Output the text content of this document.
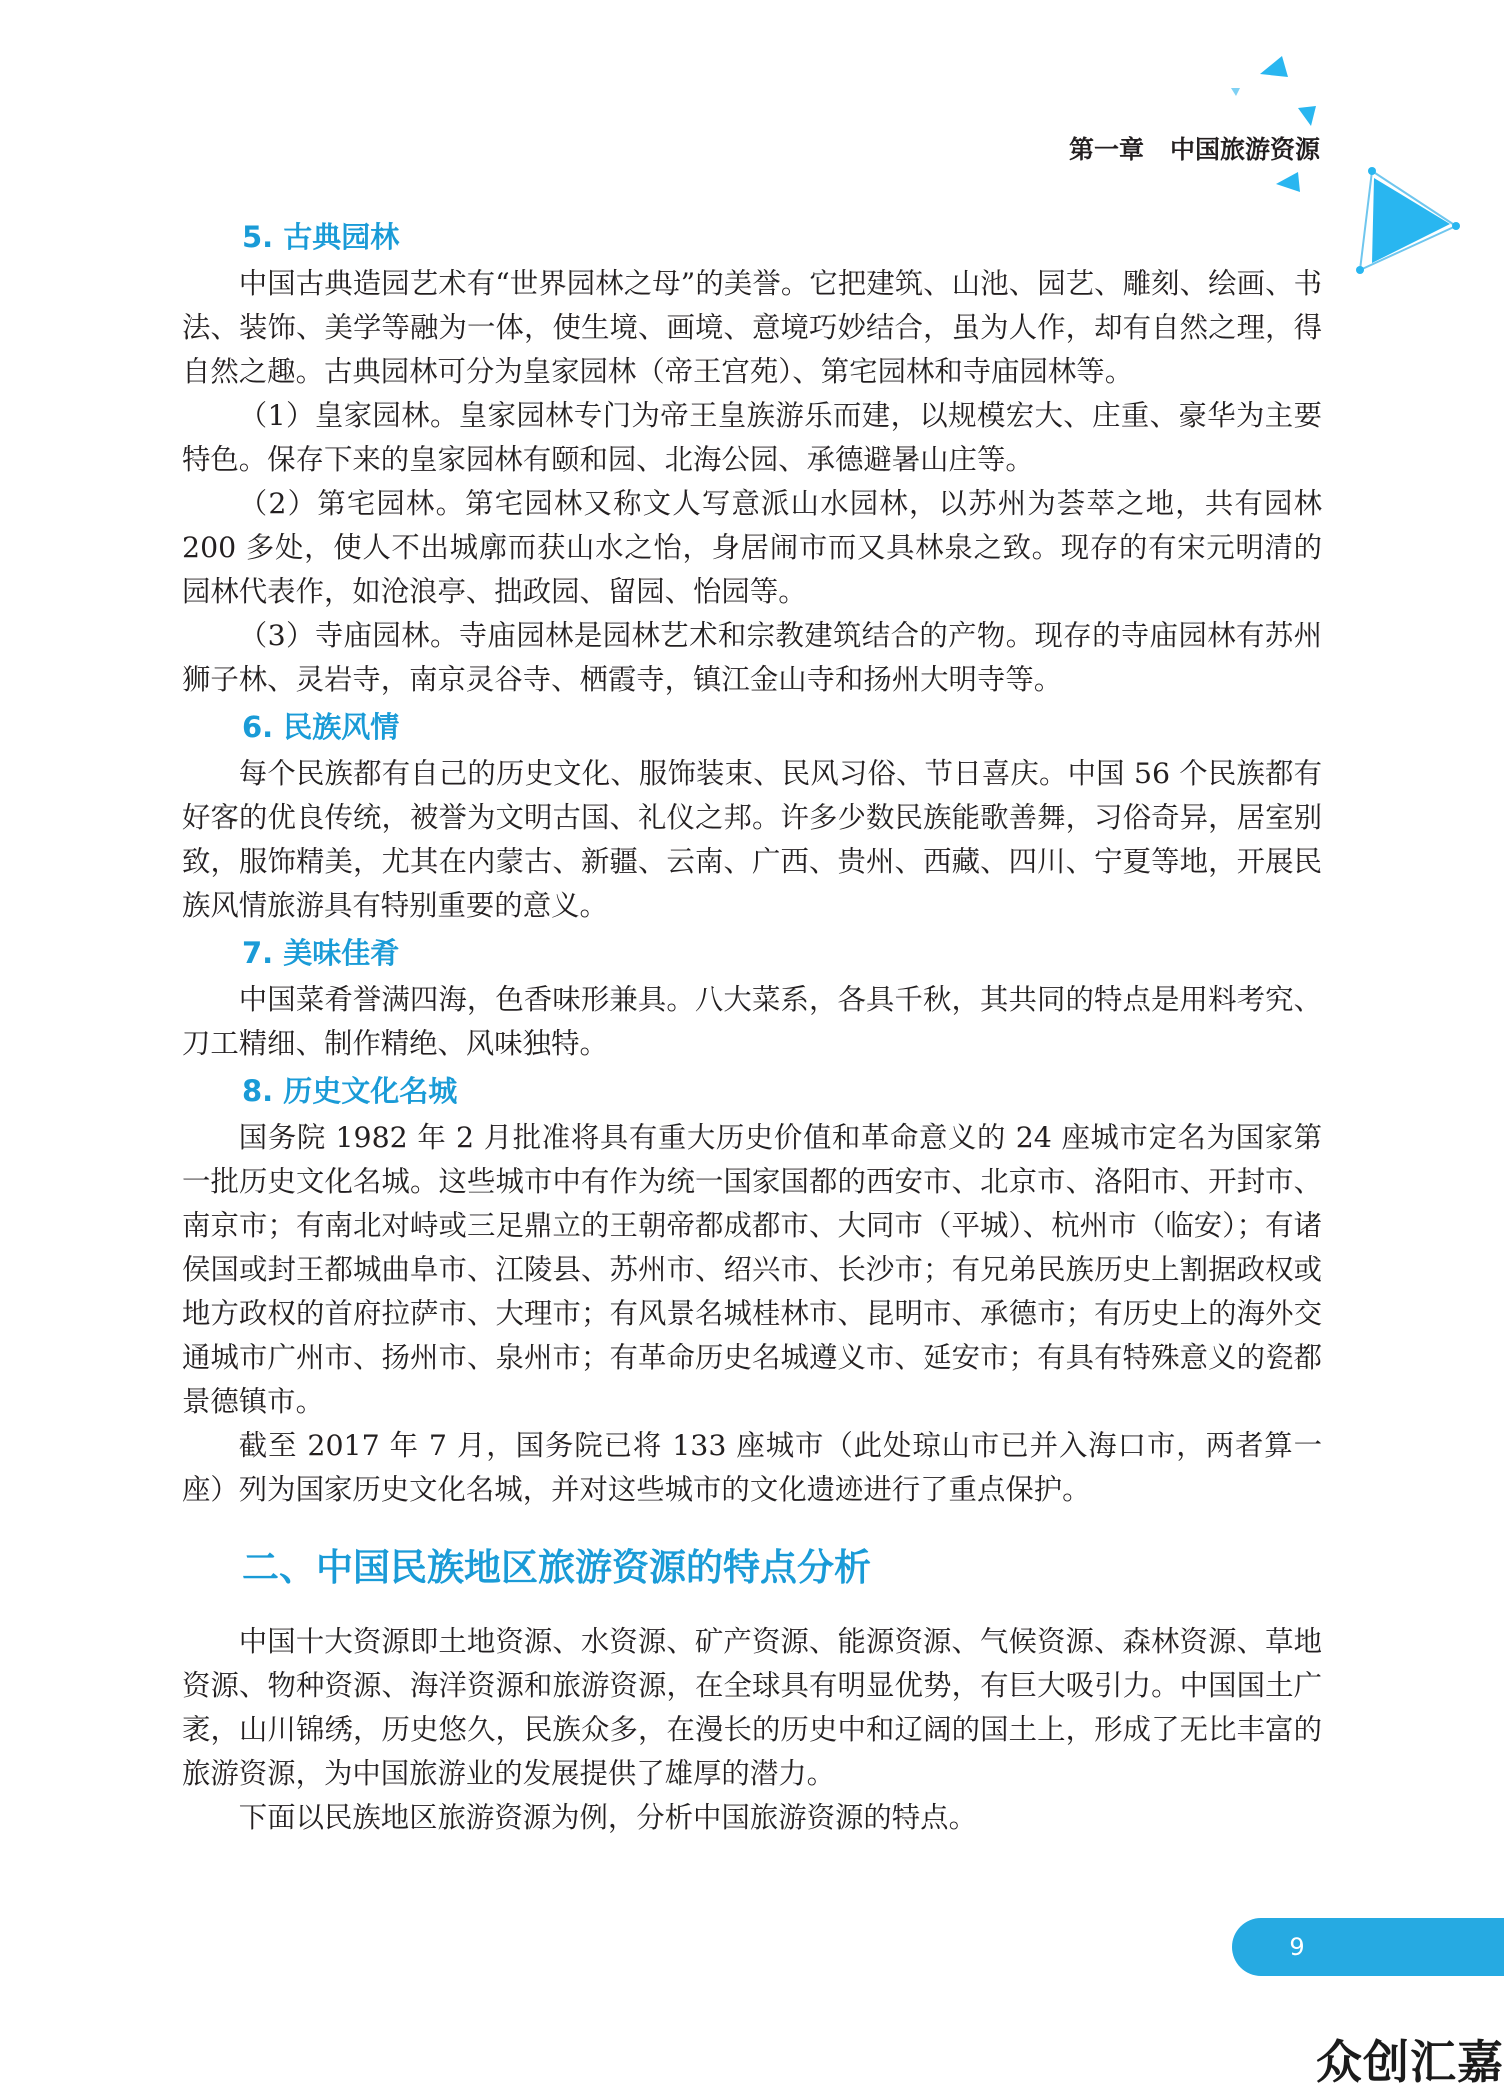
第一章 中国旅游资源
5. 古典园林

中国古典造园艺术有“世界园林之母”的美誉。它把建筑、山池、园艺、雕刻、绘画、书法、装饰、美学等融为一体，使生境、画境、意境巧妙结合，虽为人作，却有自然之理，得自然之趣。古典园林可分为皇家园林（帝王宫苑）、第宅园林和寺庙园林等。

（1）皇家园林。皇家园林专门为帝王皇族游乐而建，以规模宏大、庄重、豪华为主要特色。保存下来的皇家园林有颐和园、北海公园、承德避暑山庄等。

（2）第宅园林。第宅园林又称文人写意派山水园林，以苏州为荟萃之地，共有园林 200 多处，使人不出城廓而获山水之怡，身居闹市而又具林泉之致。现存的有宋元明清的园林代表作，如沧浪亭、拙政园、留园、怡园等。

（3）寺庙园林。寺庙园林是园林艺术和宗教建筑结合的产物。现存的寺庙园林有苏州狮子林、灵岩寺，南京灵谷寺、栖霞寺，镇江金山寺和扬州大明寺等。

6. 民族风情

每个民族都有自己的历史文化、服饰装束、民风习俗、节日喜庆。中国 56 个民族都有好客的优良传统，被誉为文明古国、礼仪之邦。许多少数民族能歌善舞，习俗奇异，居室别致，服饰精美，尤其在内蒙古、新疆、云南、广西、贵州、西藏、四川、宁夏等地，开展民族风情旅游具有特别重要的意义。

7. 美味佳肴

中国菜肴誉满四海，色香味形兼具。八大菜系，各具千秋，其共同的特点是用料考究、刀工精细、制作精绝、风味独特。

8. 历史文化名城

国务院 1982 年 2 月批准将具有重大历史价值和革命意义的 24 座城市定名为国家第一批历史文化名城。这些城市中有作为统一国家国都的西安市、北京市、洛阳市、开封市、南京市；有南北对峙或三足鼎立的王朝帝都成都市、大同市（平城）、杭州市（临安）；有诸侯国或封王都城曲阜市、江陵县、苏州市、绍兴市、长沙市；有兄弟民族历史上割据政权或地方政权的首府拉萨市、大理市；有风景名城桂林市、昆明市、承德市；有历史上的海外交通城市广州市、扬州市、泉州市；有革命历史名城遵义市、延安市；有具有特殊意义的瓷都景德镇市。

截至 2017 年 7 月，国务院已将 133 座城市（此处琼山市已并入海口市，两者算一座）列为国家历史文化名城，并对这些城市的文化遗迹进行了重点保护。

二、中国民族地区旅游资源的特点分析

中国十大资源即土地资源、水资源、矿产资源、能源资源、气候资源、森林资源、草地资源、物种资源、海洋资源和旅游资源，在全球具有明显优势，有巨大吸引力。中国国土广袤，山川锦绣，历史悠久，民族众多，在漫长的历史中和辽阔的国土上，形成了无比丰富的旅游资源，为中国旅游业的发展提供了雄厚的潜力。

下面以民族地区旅游资源为例，分析中国旅游资源的特点。

9
众创汇嘉
